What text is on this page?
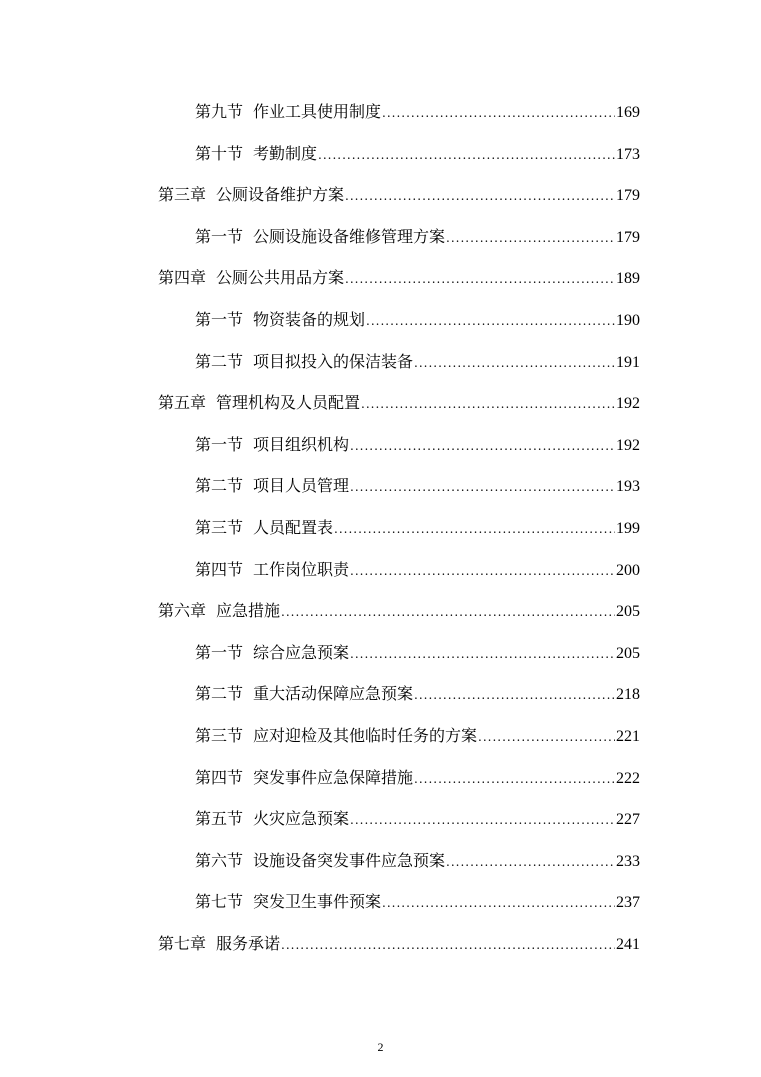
第九节 作业工具使用制度 .....	169
第十节 考勤制度 .....	173
第三章 公厕设备维护方案 .....	179
第一节 公厕设施设备维修管理方案 .....	179
第四章 公厕公共用品方案 .....	189
第一节 物资装备的规划 .....	190
第二节 项目拟投入的保洁装备 .....	191
第五章 管理机构及人员配置 .....	192
第一节 项目组织机构 .....	192
第二节 项目人员管理 .....	193
第三节 人员配置表 .....	199
第四节 工作岗位职责 .....	200
第六章 应急措施 .....	205
第一节 综合应急预案 .....	205
第二节 重大活动保障应急预案 .....	218
第三节 应对迎检及其他临时任务的方案 .....	221
第四节 突发事件应急保障措施 .....	222
第五节 火灾应急预案 .....	227
第六节 设施设备突发事件应急预案 .....	233
第七节 突发卫生事件预案 .....	237
第七章 服务承诺 .....	241
2
